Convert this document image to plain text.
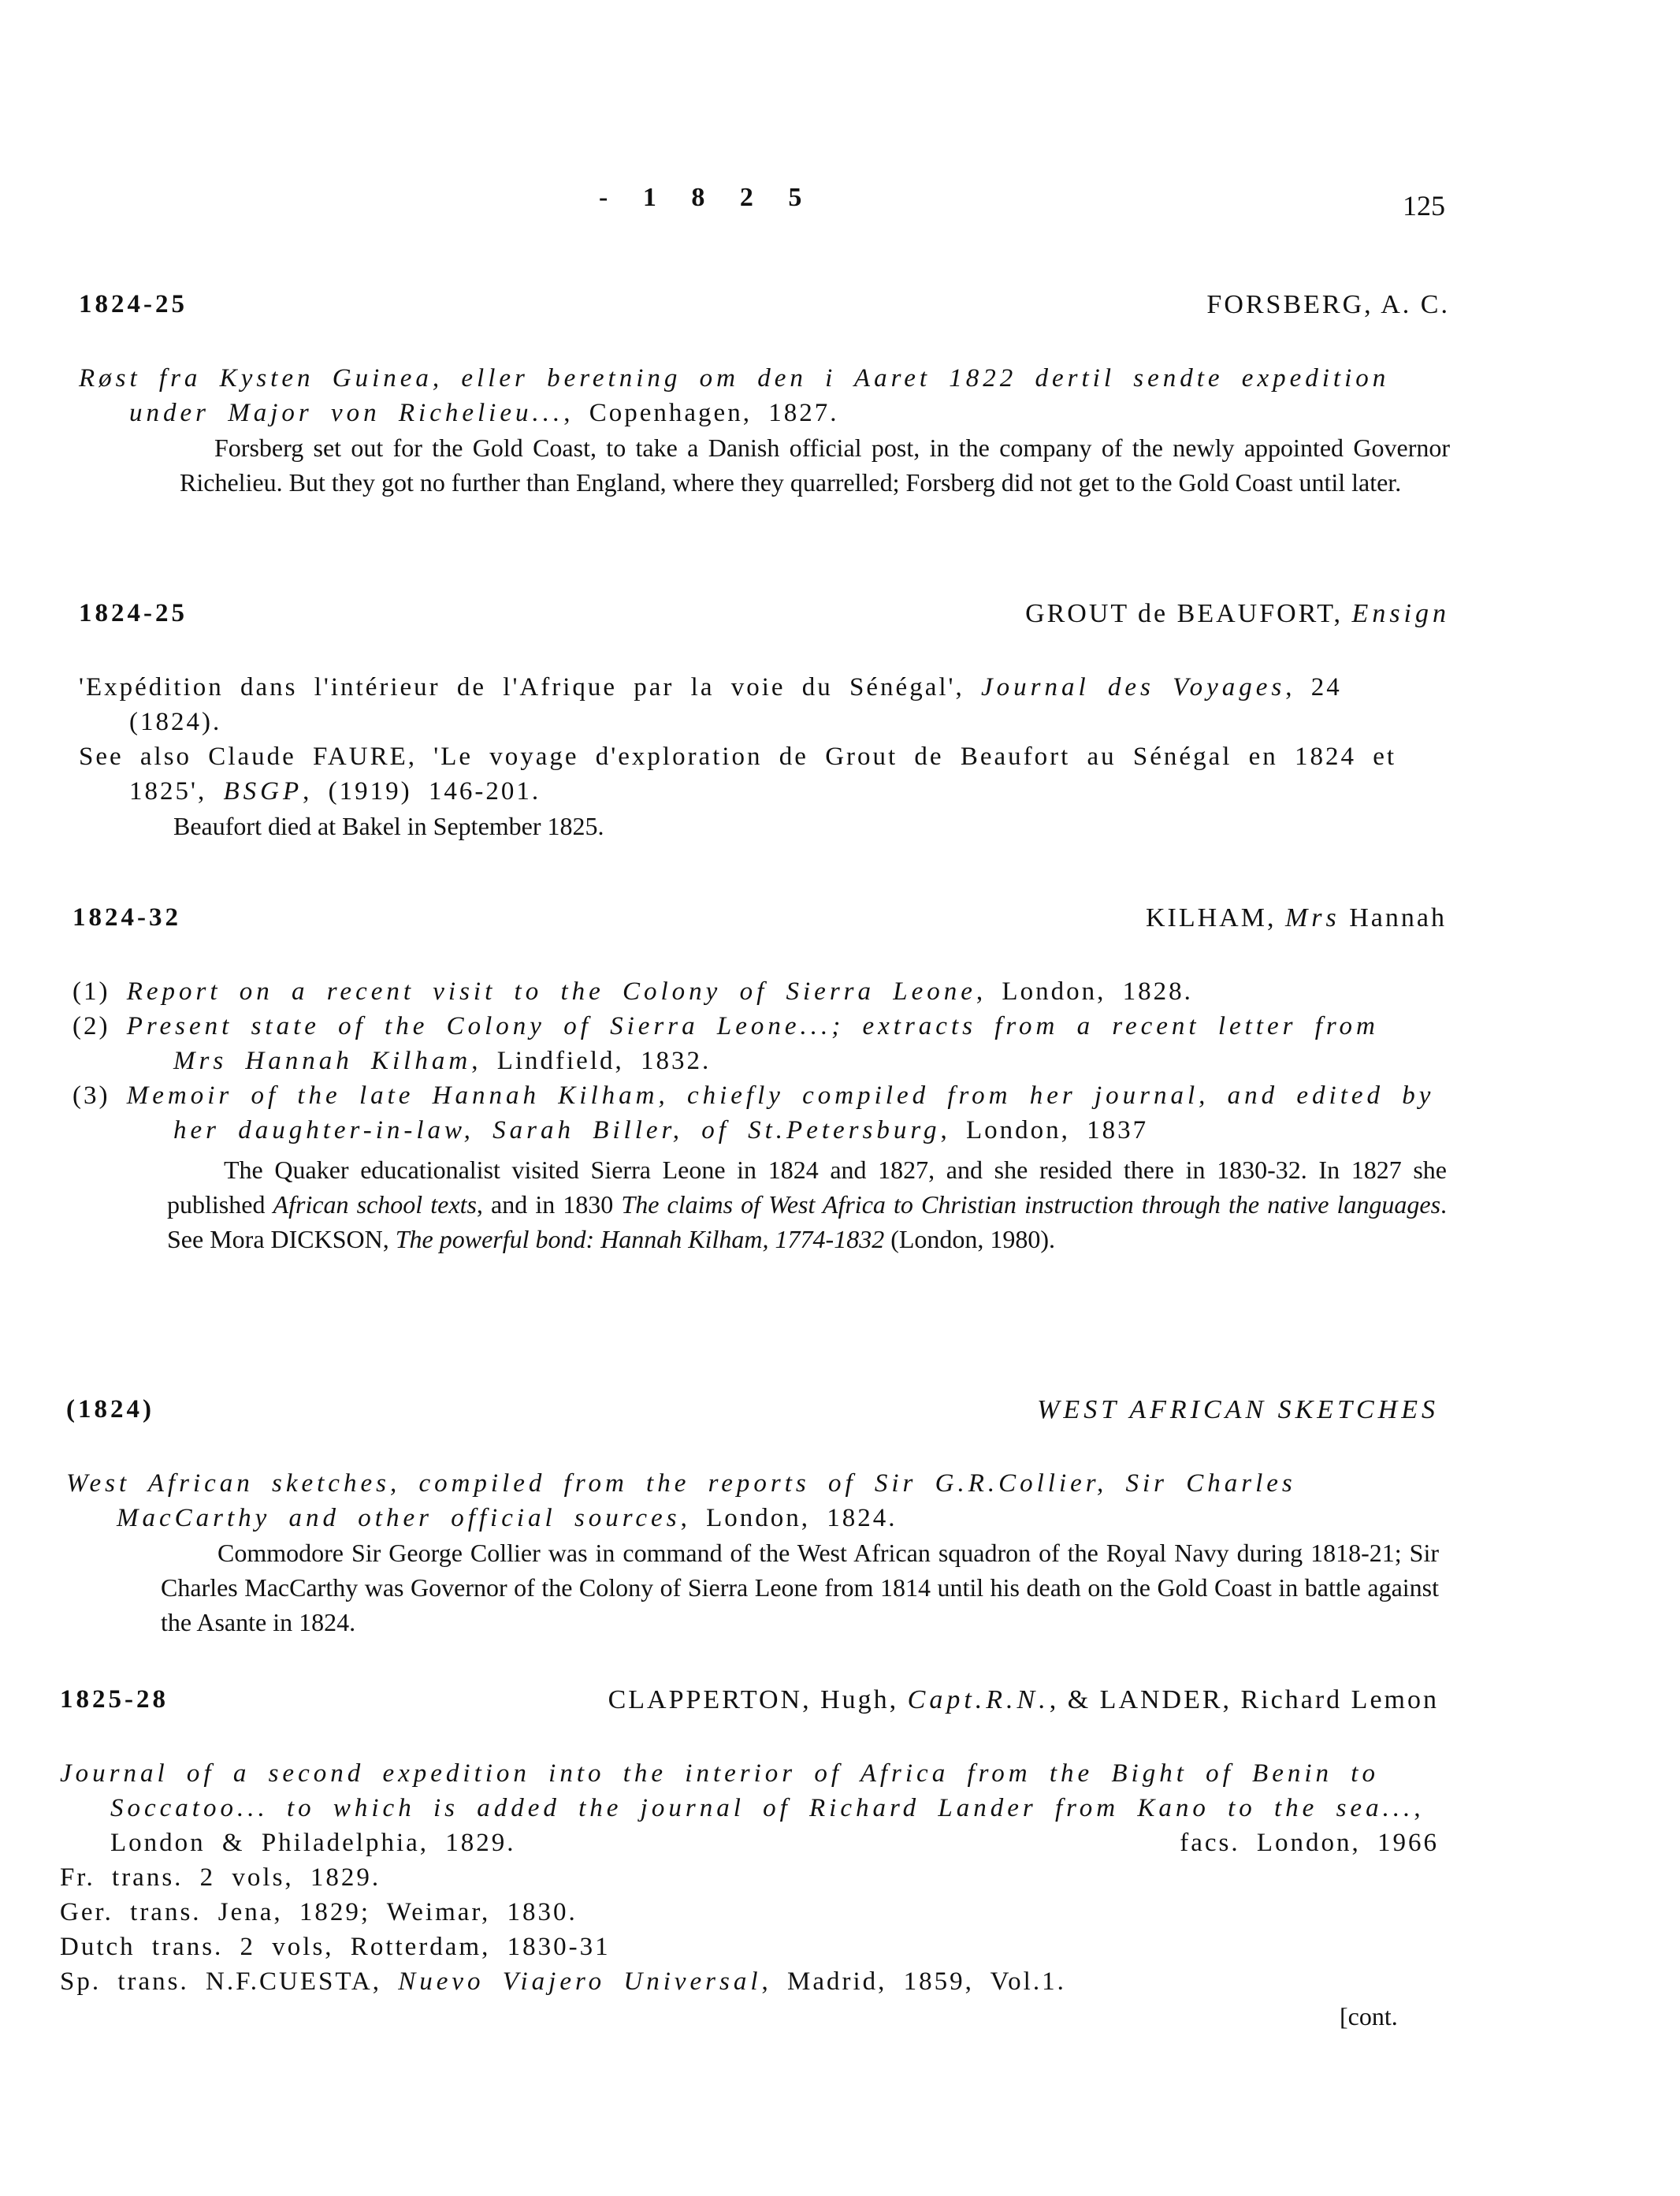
- 1 8 2 5	125
1824-25	FORSBERG, A. C.

Røst fra Kysten Guinea, eller beretning om den i Aaret 1822 dertil sendte expedition under Major von Richelieu..., Copenhagen, 1827.

Forsberg set out for the Gold Coast, to take a Danish official post, in the company of the newly appointed Governor Richelieu. But they got no further than England, where they quarrelled; Forsberg did not get to the Gold Coast until later.

1824-25	GROUT de BEAUFORT, Ensign

'Expédition dans l'intérieur de l'Afrique par la voie du Sénégal', Journal des Voyages, 24 (1824).

See also Claude FAURE, 'Le voyage d'exploration de Grout de Beaufort au Sénégal en 1824 et 1825', BSGP, (1919) 146-201.

Beaufort died at Bakel in September 1825.

1824-32	KILHAM, Mrs Hannah

(1) Report on a recent visit to the Colony of Sierra Leone, London, 1828.

(2) Present state of the Colony of Sierra Leone...; extracts from a recent letter from Mrs Hannah Kilham, Lindfield, 1832.

(3) Memoir of the late Hannah Kilham, chiefly compiled from her journal, and edited by her daughter-in-law, Sarah Biller, of St.Petersburg, London, 1837

The Quaker educationalist visited Sierra Leone in 1824 and 1827, and she resided there in 1830-32. In 1827 she published African school texts, and in 1830 The claims of West Africa to Christian instruction through the native languages. See Mora DICKSON, The powerful bond: Hannah Kilham, 1774-1832 (London, 1980).

(1824)	WEST AFRICAN SKETCHES

West African sketches, compiled from the reports of Sir G.R.Collier, Sir Charles MacCarthy and other official sources, London, 1824.

Commodore Sir George Collier was in command of the West African squadron of the Royal Navy during 1818-21; Sir Charles MacCarthy was Governor of the Colony of Sierra Leone from 1814 until his death on the Gold Coast in battle against the Asante in 1824.

1825-28	CLAPPERTON, Hugh, Capt.R.N., & LANDER, Richard Lemon

Journal of a second expedition into the interior of Africa from the Bight of Benin to Soccatoo... to which is added the journal of Richard Lander from Kano to the sea..., London & Philadelphia, 1829.	facs. London, 1966

Fr. trans. 2 vols, 1829.

Ger. trans. Jena, 1829; Weimar, 1830.

Dutch trans. 2 vols, Rotterdam, 1830-31

Sp. trans. N.F.CUESTA, Nuevo Viajero Universal, Madrid, 1859, Vol.1.

[cont.
